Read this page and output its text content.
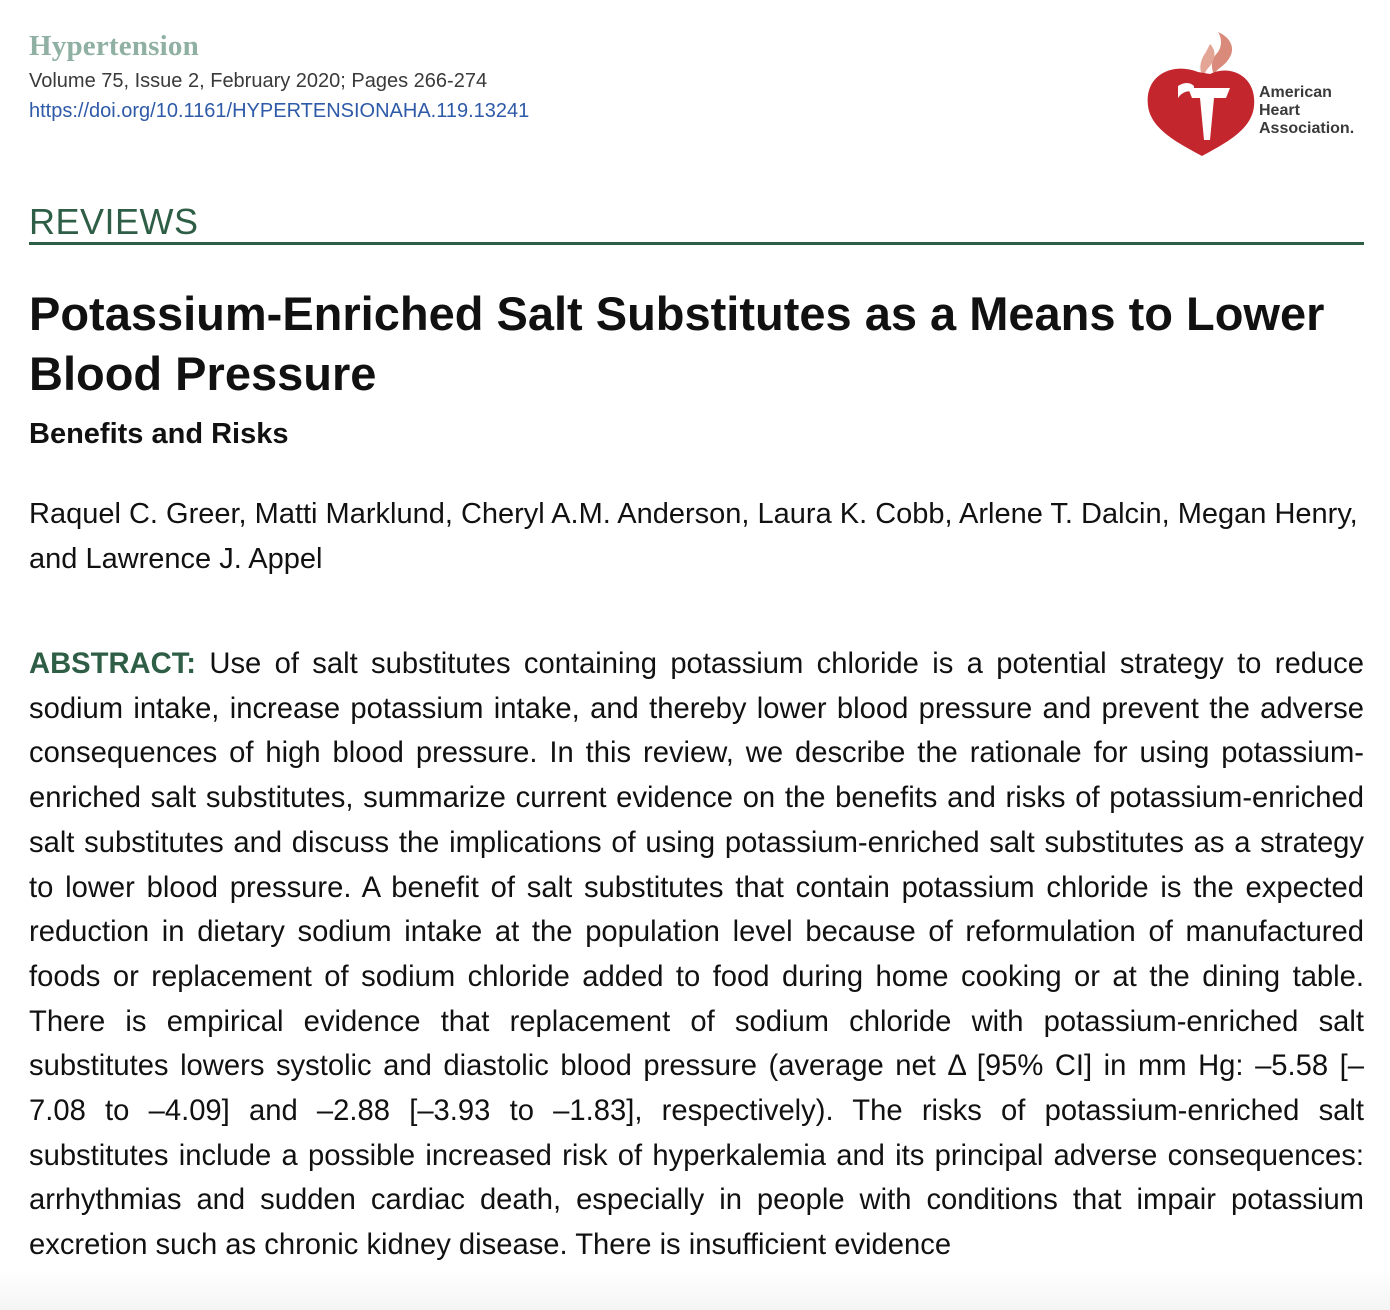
Hypertension
Volume 75, Issue 2, February 2020; Pages 266-274
https://doi.org/10.1161/HYPERTENSIONAHA.119.13241
American
Heart
Association.
REVIEWS
Potassium-Enriched Salt Substitutes as a Means to Lower Blood Pressure
Benefits and Risks
Raquel C. Greer, Matti Marklund, Cheryl A.M. Anderson, Laura K. Cobb, Arlene T. Dalcin, Megan Henry, and Lawrence J. Appel

ABSTRACT: Use of salt substitutes containing potassium chloride is a potential strategy to reduce sodium intake, increase potassium intake, and thereby lower blood pressure and prevent the adverse consequences of high blood pressure. In this review, we describe the rationale for using potassium-enriched salt substitutes, summarize current evidence on the benefits and risks of potassium-enriched salt substitutes and discuss the implications of using potassium-enriched salt substitutes as a strategy to lower blood pressure. A benefit of salt substitutes that contain potassium chloride is the expected reduction in dietary sodium intake at the population level because of reformulation of manufactured foods or replacement of sodium chloride added to food during home cooking or at the dining table. There is empirical evidence that replacement of sodium chloride with potassium-enriched salt substitutes lowers systolic and diastolic blood pressure (average net Δ [95% CI] in mm Hg: –5.58 [–7.08 to –4.09] and –2.88 [–3.93 to –1.83], respectively). The risks of potassium-enriched salt substitutes include a possible increased risk of hyperkalemia and its principal adverse consequences: arrhythmias and sudden cardiac death, especially in people with conditions that impair potassium excretion such as chronic kidney disease. There is insufficient evidence
